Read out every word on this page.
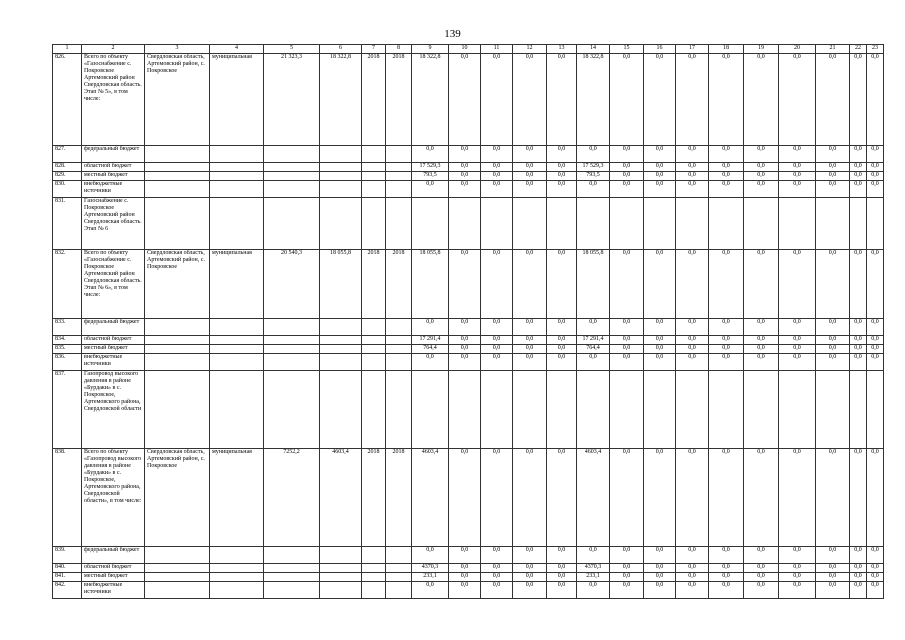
139
1	2	3	4	5	6	7	8	9	10	11	12	13	14	15	16	17	18	19	20	21	22	23
826.	Всего по объекту «Газоснабжение с. Покровское Артемовский район Свердловская область. Этап № 5», в том числе:	Свердловская область, Артемовский район, с. Покровское	муниципальная	21 323,3	18 322,8	2018	2018	18 322,8	0,0	0,0	0,0	0,0	18 322,8	0,0	0,0	0,0	0,0	0,0	0,0	0,0	0,0	0,0
827.	федеральный бюджет							0,0	0,0	0,0	0,0	0,0	0,0	0,0	0,0	0,0	0,0	0,0	0,0	0,0	0,0	0,0
828.	областной бюджет							17 529,3	0,0	0,0	0,0	0,0	17 529,3	0,0	0,0	0,0	0,0	0,0	0,0	0,0	0,0	0,0
829.	местный бюджет							793,5	0,0	0,0	0,0	0,0	793,5	0,0	0,0	0,0	0,0	0,0	0,0	0,0	0,0	0,0
830.	внебюджетные источники							0,0	0,0	0,0	0,0	0,0	0,0	0,0	0,0	0,0	0,0	0,0	0,0	0,0	0,0	0,0
831.	Газоснабжение с. Покровское Артемовский район Свердловская область. Этап № 6																					
832.	Всего по объекту «Газоснабжение с. Покровское Артемовский район Свердловская область. Этап № 6», в том числе:	Свердловская область, Артемовский район, с. Покровское	муниципальная	20 540,3	18 055,8	2018	2018	18 055,8	0,0	0,0	0,0	0,0	18 055,8	0,0	0,0	0,0	0,0	0,0	0,0	0,0	0,0	0,0
833.	федеральный бюджет							0,0	0,0	0,0	0,0	0,0	0,0	0,0	0,0	0,0	0,0	0,0	0,0	0,0	0,0	0,0
834.	областной бюджет							17 291,4	0,0	0,0	0,0	0,0	17 291,4	0,0	0,0	0,0	0,0	0,0	0,0	0,0	0,0	0,0
835.	местный бюджет							764,4	0,0	0,0	0,0	0,0	764,4	0,0	0,0	0,0	0,0	0,0	0,0	0,0	0,0	0,0
836.	внебюджетные источники							0,0	0,0	0,0	0,0	0,0	0,0	0,0	0,0	0,0	0,0	0,0	0,0	0,0	0,0	0,0
837.	Газопровод высокого давления в районе «Бурдаки» в с. Покровское, Артемовского района, Свердловской области																					
838.	Всего по объекту «Газопровод высокого давления в районе «Бурдаки» в с. Покровское, Артемовского района, Свердловской области», в том числе:	Свердловская область, Артемовский район, с. Покровское	муниципальная	7252,2	4603,4	2018	2018	4603,4	0,0	0,0	0,0	0,0	4603,4	0,0	0,0	0,0	0,0	0,0	0,0	0,0	0,0	0,0
839.	федеральный бюджет							0,0	0,0	0,0	0,0	0,0	0,0	0,0	0,0	0,0	0,0	0,0	0,0	0,0	0,0	0,0
840.	областной бюджет							4370,3	0,0	0,0	0,0	0,0	4370,3	0,0	0,0	0,0	0,0	0,0	0,0	0,0	0,0	0,0
841.	местный бюджет							233,1	0,0	0,0	0,0	0,0	233,1	0,0	0,0	0,0	0,0	0,0	0,0	0,0	0,0	0,0
842.	внебюджетные источники							0,0	0,0	0,0	0,0	0,0	0,0	0,0	0,0	0,0	0,0	0,0	0,0	0,0	0,0	0,0
